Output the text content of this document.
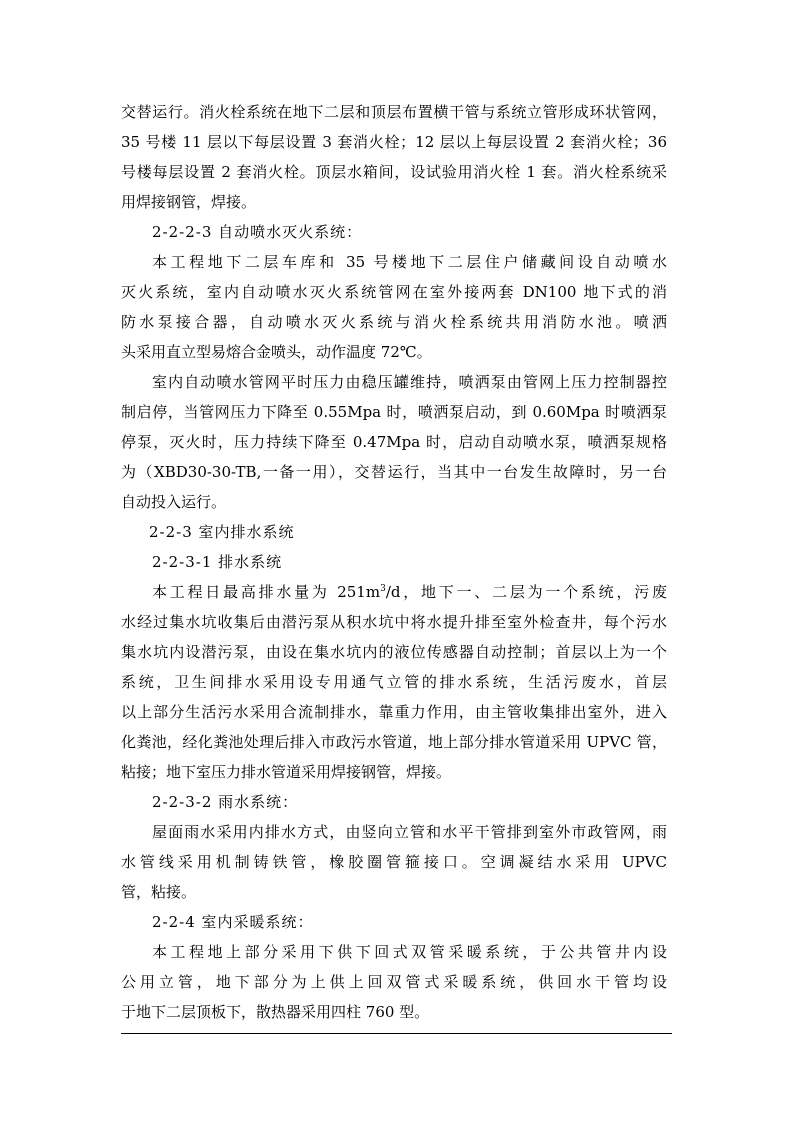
交替运行。消火栓系统在地下二层和顶层布置横干管与系统立管形成环状管网，

35 号楼 11 层以下每层设置 3 套消火栓；12 层以上每层设置 2 套消火栓；36

号楼每层设置 2 套消火栓。顶层水箱间，设试验用消火栓 1 套。消火栓系统采

用焊接钢管，焊接。

2-2-2-3 自动喷水灭火系统：

本工程地下二层车库和 35 号楼地下二层住户储藏间设自动喷水

灭火系统，室内自动喷水灭火系统管网在室外接两套 DN100 地下式的消

防水泵接合器，自动喷水灭火系统与消火栓系统共用消防水池。喷洒

头采用直立型易熔合金喷头，动作温度 72℃。

室内自动喷水管网平时压力由稳压罐维持，喷洒泵由管网上压力控制器控

制启停，当管网压力下降至 0.55Mpa 时，喷洒泵启动，到 0.60Mpa 时喷洒泵

停泵，灭火时，压力持续下降至 0.47Mpa 时，启动自动喷水泵，喷洒泵规格

为（XBD30-30-TB,一备一用），交替运行，当其中一台发生故障时，另一台

自动投入运行。

2-2-3 室内排水系统

2-2-3-1 排水系统

本工程日最高排水量为 $251m^3/d$，地下一、二层为一个系统，污废

水经过集水坑收集后由潜污泵从积水坑中将水提升排至室外检查井，每个污水

集水坑内设潜污泵，由设在集水坑内的液位传感器自动控制；首层以上为一个

系统，卫生间排水采用设专用通气立管的排水系统，生活污废水，首层

以上部分生活污水采用合流制排水，靠重力作用，由主管收集排出室外，进入

化粪池，经化粪池处理后排入市政污水管道，地上部分排水管道采用 UPVC 管，

粘接；地下室压力排水管道采用焊接钢管，焊接。

2-2-3-2 雨水系统：

屋面雨水采用内排水方式，由竖向立管和水平干管排到室外市政管网，雨

水管线采用机制铸铁管，橡胶圈管箍接口。空调凝结水采用 UPVC

管，粘接。

2-2-4 室内采暖系统：

本工程地上部分采用下供下回式双管采暖系统，于公共管井内设

公用立管，地下部分为上供上回双管式采暖系统，供回水干管均设

于地下二层顶板下，散热器采用四柱 760 型。
